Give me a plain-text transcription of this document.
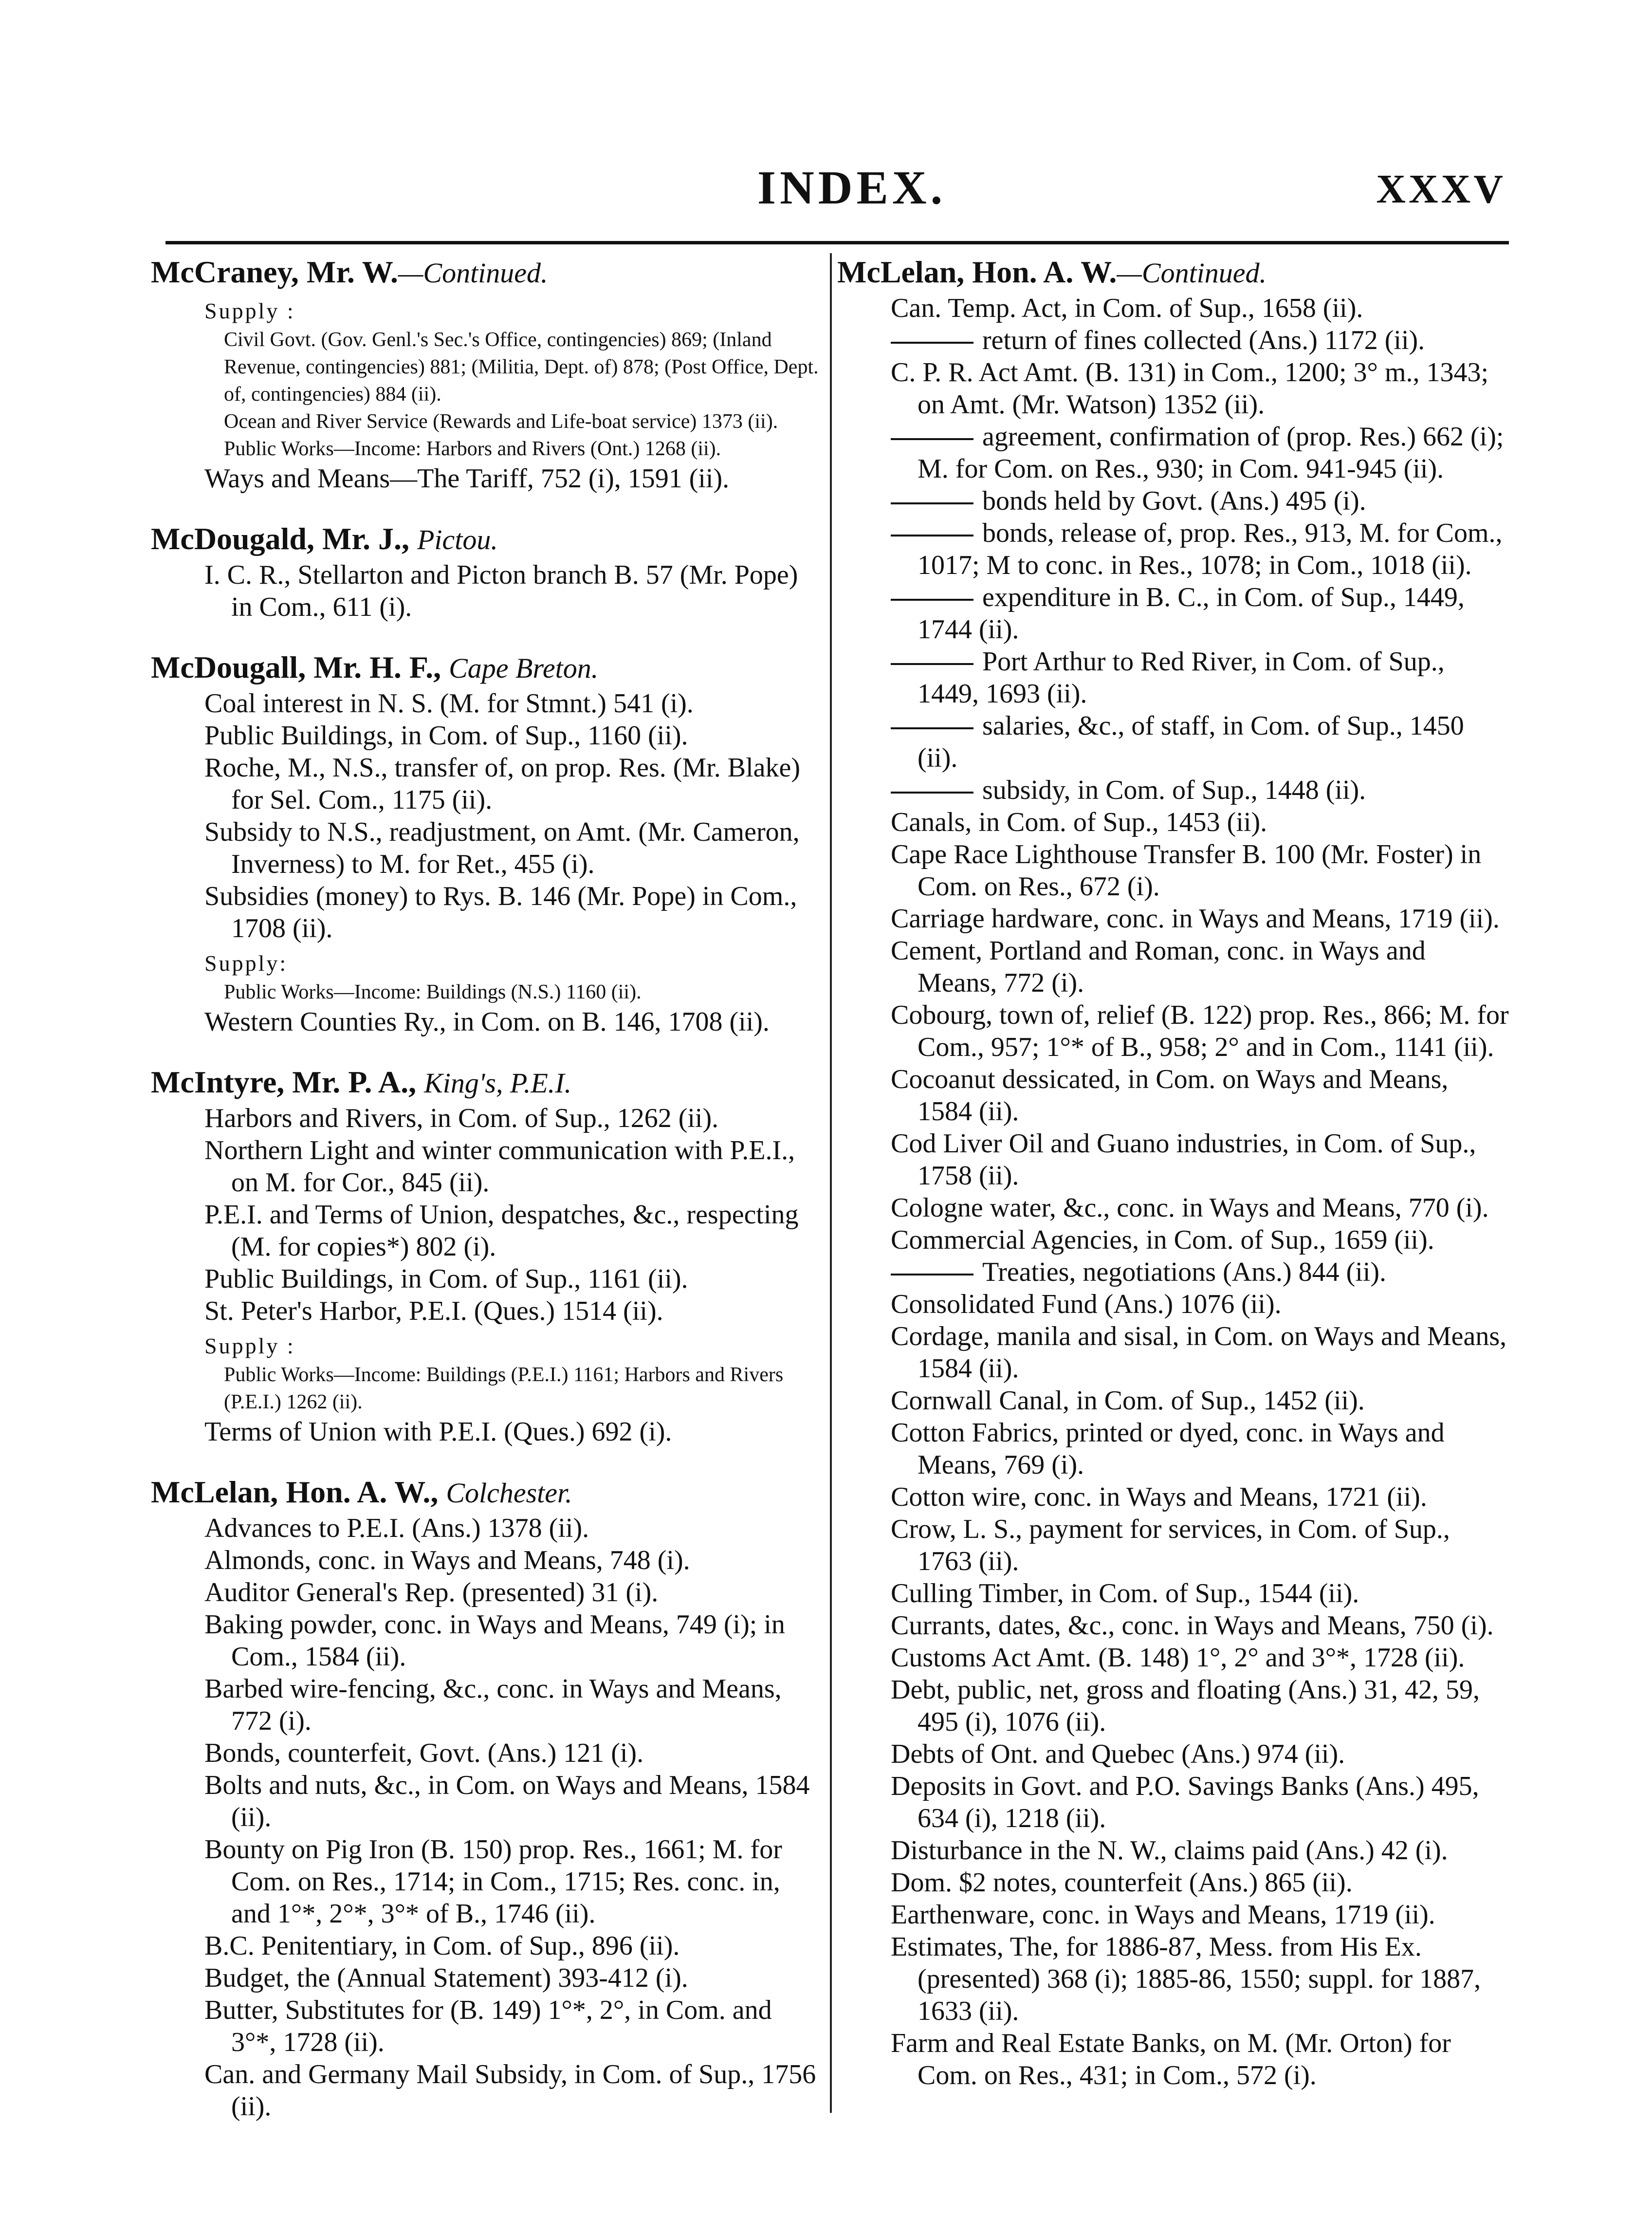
INDEX.	XXXV
McCraney, Mr. W.—Continued.
Supply :
Civil Govt. (Gov. Genl.'s Sec.'s Office, contingencies) 869; (Inland Revenue, contingencies) 881; (Militia, Dept. of) 878; (Post Office, Dept. of, contingencies) 884 (ii).
Ocean and River Service (Rewards and Life-boat service) 1373 (ii).
Public Works—Income: Harbors and Rivers (Ont.) 1268 (ii).
Ways and Means—The Tariff, 752 (i), 1591 (ii).
McDougald, Mr. J., Pictou.
I. C. R., Stellarton and Picton branch B. 57 (Mr. Pope) in Com., 611 (i).
McDougall, Mr. H. F., Cape Breton.
Coal interest in N. S. (M. for Stmnt.) 541 (i).
Public Buildings, in Com. of Sup., 1160 (ii).
Roche, M., N.S., transfer of, on prop. Res. (Mr. Blake) for Sel. Com., 1175 (ii).
Subsidy to N.S., readjustment, on Amt. (Mr. Cameron, Inverness) to M. for Ret., 455 (i).
Subsidies (money) to Rys. B. 146 (Mr. Pope) in Com., 1708 (ii).
Supply:
Public Works—Income: Buildings (N.S.) 1160 (ii).
Western Counties Ry., in Com. on B. 146, 1708 (ii).
McIntyre, Mr. P. A., King's, P.E.I.
Harbors and Rivers, in Com. of Sup., 1262 (ii).
Northern Light and winter communication with P.E.I., on M. for Cor., 845 (ii).
P.E.I. and Terms of Union, despatches, &c., respecting (M. for copies*) 802 (i).
Public Buildings, in Com. of Sup., 1161 (ii).
St. Peter's Harbor, P.E.I. (Ques.) 1514 (ii).
Supply :
Public Works—Income: Buildings (P.E.I.) 1161; Harbors and Rivers (P.E.I.) 1262 (ii).
Terms of Union with P.E.I. (Ques.) 692 (i).
McLelan, Hon. A. W., Colchester.
Advances to P.E.I. (Ans.) 1378 (ii).
Almonds, conc. in Ways and Means, 748 (i).
Auditor General's Rep. (presented) 31 (i).
Baking powder, conc. in Ways and Means, 749 (i); in Com., 1584 (ii).
Barbed wire-fencing, &c., conc. in Ways and Means, 772 (i).
Bonds, counterfeit, Govt. (Ans.) 121 (i).
Bolts and nuts, &c., in Com. on Ways and Means, 1584 (ii).
Bounty on Pig Iron (B. 150) prop. Res., 1661; M. for Com. on Res., 1714; in Com., 1715; Res. conc. in, and 1°*, 2°*, 3°* of B., 1746 (ii).
B.C. Penitentiary, in Com. of Sup., 896 (ii).
Budget, the (Annual Statement) 393-412 (i).
Butter, Substitutes for (B. 149) 1°*, 2°, in Com. and 3°*, 1728 (ii).
Can. and Germany Mail Subsidy, in Com. of Sup., 1756 (ii).
McLelan, Hon. A. W.—Continued.
Can. Temp. Act, in Com. of Sup., 1658 (ii).
return of fines collected (Ans.) 1172 (ii).
C. P. R. Act Amt. (B. 131) in Com., 1200; 3° m., 1343; on Amt. (Mr. Watson) 1352 (ii).
agreement, confirmation of (prop. Res.) 662 (i); M. for Com. on Res., 930; in Com. 941-945 (ii).
bonds held by Govt. (Ans.) 495 (i).
bonds, release of, prop. Res., 913, M. for Com., 1017; M to conc. in Res., 1078; in Com., 1018 (ii).
expenditure in B. C., in Com. of Sup., 1449, 1744 (ii).
Port Arthur to Red River, in Com. of Sup., 1449, 1693 (ii).
salaries, &c., of staff, in Com. of Sup., 1450 (ii).
subsidy, in Com. of Sup., 1448 (ii).
Canals, in Com. of Sup., 1453 (ii).
Cape Race Lighthouse Transfer B. 100 (Mr. Foster) in Com. on Res., 672 (i).
Carriage hardware, conc. in Ways and Means, 1719 (ii).
Cement, Portland and Roman, conc. in Ways and Means, 772 (i).
Cobourg, town of, relief (B. 122) prop. Res., 866; M. for Com., 957; 1°* of B., 958; 2° and in Com., 1141 (ii).
Cocoanut dessicated, in Com. on Ways and Means, 1584 (ii).
Cod Liver Oil and Guano industries, in Com. of Sup., 1758 (ii).
Cologne water, &c., conc. in Ways and Means, 770 (i).
Commercial Agencies, in Com. of Sup., 1659 (ii).
Treaties, negotiations (Ans.) 844 (ii).
Consolidated Fund (Ans.) 1076 (ii).
Cordage, manila and sisal, in Com. on Ways and Means, 1584 (ii).
Cornwall Canal, in Com. of Sup., 1452 (ii).
Cotton Fabrics, printed or dyed, conc. in Ways and Means, 769 (i).
Cotton wire, conc. in Ways and Means, 1721 (ii).
Crow, L. S., payment for services, in Com. of Sup., 1763 (ii).
Culling Timber, in Com. of Sup., 1544 (ii).
Currants, dates, &c., conc. in Ways and Means, 750 (i).
Customs Act Amt. (B. 148) 1°, 2° and 3°*, 1728 (ii).
Debt, public, net, gross and floating (Ans.) 31, 42, 59, 495 (i), 1076 (ii).
Debts of Ont. and Quebec (Ans.) 974 (ii).
Deposits in Govt. and P.O. Savings Banks (Ans.) 495, 634 (i), 1218 (ii).
Disturbance in the N. W., claims paid (Ans.) 42 (i).
Dom. $2 notes, counterfeit (Ans.) 865 (ii).
Earthenware, conc. in Ways and Means, 1719 (ii).
Estimates, The, for 1886-87, Mess. from His Ex. (presented) 368 (i); 1885-86, 1550; suppl. for 1887, 1633 (ii).
Farm and Real Estate Banks, on M. (Mr. Orton) for Com. on Res., 431; in Com., 572 (i).
